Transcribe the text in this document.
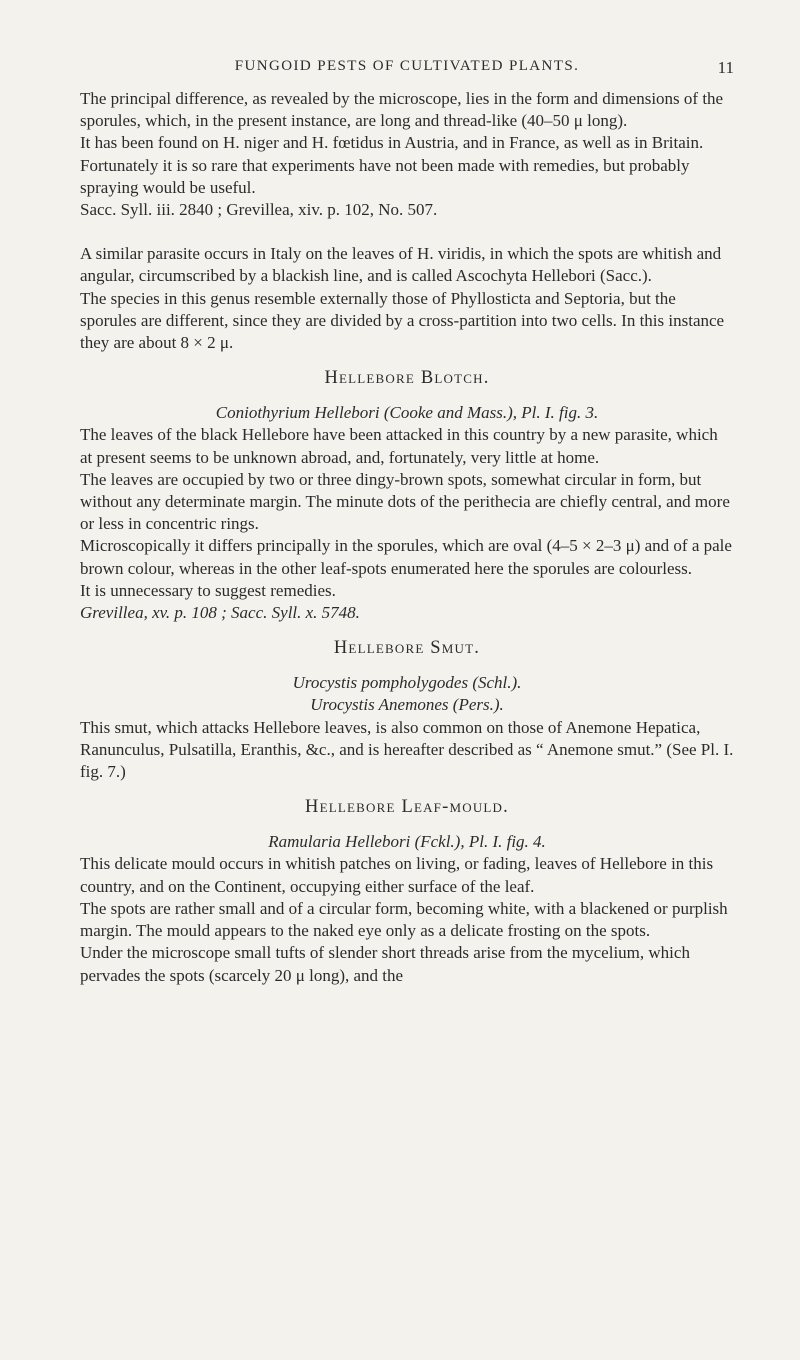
FUNGOID PESTS OF CULTIVATED PLANTS.	11

The principal difference, as revealed by the microscope, lies in the form and dimensions of the sporules, which, in the present instance, are long and thread-like (40–50 μ long).

It has been found on H. niger and H. fœtidus in Austria, and in France, as well as in Britain.

Fortunately it is so rare that experiments have not been made with remedies, but probably spraying would be useful.

Sacc. Syll. iii. 2840 ; Grevillea, xiv. p. 102, No. 507.

A similar parasite occurs in Italy on the leaves of H. viridis, in which the spots are whitish and angular, circumscribed by a blackish line, and is called Ascochyta Hellebori (Sacc.).

The species in this genus resemble externally those of Phyllosticta and Septoria, but the sporules are different, since they are divided by a cross-partition into two cells. In this instance they are about 8 × 2 μ.

Hellebore Blotch.

Coniothyrium Hellebori (Cooke and Mass.), Pl. I. fig. 3.

The leaves of the black Hellebore have been attacked in this country by a new parasite, which at present seems to be unknown abroad, and, fortunately, very little at home.

The leaves are occupied by two or three dingy-brown spots, somewhat circular in form, but without any determinate margin. The minute dots of the perithecia are chiefly central, and more or less in concentric rings.

Microscopically it differs principally in the sporules, which are oval (4–5 × 2–3 μ) and of a pale brown colour, whereas in the other leaf-spots enumerated here the sporules are colourless.

It is unnecessary to suggest remedies.

Grevillea, xv. p. 108 ; Sacc. Syll. x. 5748.

Hellebore Smut.

Urocystis pompholygodes (Schl.).

Urocystis Anemones (Pers.).

This smut, which attacks Hellebore leaves, is also common on those of Anemone Hepatica, Ranunculus, Pulsatilla, Eranthis, &c., and is hereafter described as “ Anemone smut.” (See Pl. I. fig. 7.)

Hellebore Leaf-mould.

Ramularia Hellebori (Fckl.), Pl. I. fig. 4.

This delicate mould occurs in whitish patches on living, or fading, leaves of Hellebore in this country, and on the Continent, occupying either surface of the leaf.

The spots are rather small and of a circular form, becoming white, with a blackened or purplish margin. The mould appears to the naked eye only as a delicate frosting on the spots.

Under the microscope small tufts of slender short threads arise from the mycelium, which pervades the spots (scarcely 20 μ long), and the
